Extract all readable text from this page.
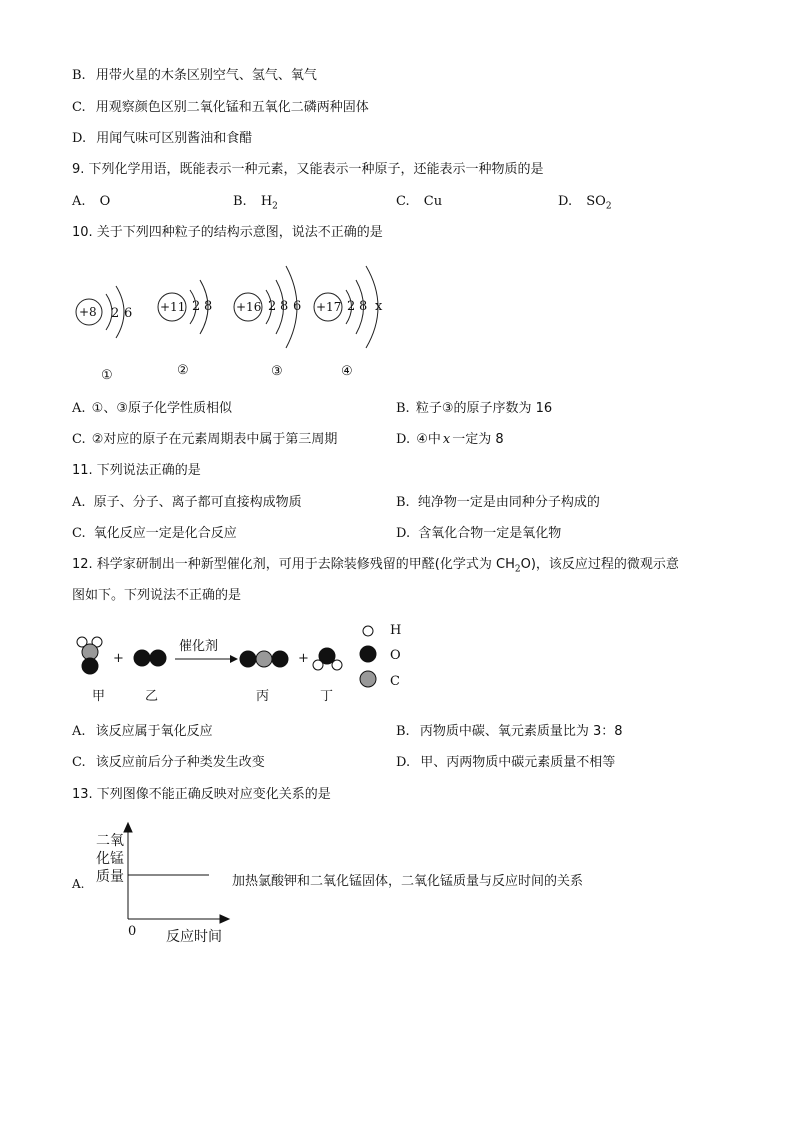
B. 用带火星的木条区别空气、氢气、氧气
C. 用观察颜色区别二氧化锰和五氧化二磷两种固体
D. 用闻气味可区别酱油和食醋
9. 下列化学用语，既能表示一种元素，又能表示一种原子，还能表示一种物质的是
A. O	B. $H_2$	C. Cu	D. $SO_2$
10. 关于下列四种粒子的结构示意图，说法不正确的是
+8 2 6
①
+11 2 8
②
+16 2 8 6
③
+17 2 8 x
④
A. ①、③原子化学性质相似	B. 粒子③的原子序数为 16
C. ②对应的原子在元素周期表中属于第三周期	D. ④中 x 一定为 8
11. 下列说法正确的是
A. 原子、分子、离子都可直接构成物质	B. 纯净物一定是由同种分子构成的
C. 氧化反应一定是化合反应	D. 含氧化合物一定是氧化物
12. 科学家研制出一种新型催化剂，可用于去除装修残留的甲醛(化学式为 $CH_2O$)，该反应过程的微观示意
图如下。下列说法不正确的是
+	+
催化剂
甲	乙	丙	丁
H
O
C
A. 该反应属于氧化反应	B. 丙物质中碳、氧元素质量比为 3：8
C. 该反应前后分子种类发生改变	D. 甲、丙两物质中碳元素质量不相等
13. 下列图像不能正确反映对应变化关系的是
二氧
化锰
质量
A.
0 反应时间
加热氯酸钾和二氧化锰固体，二氧化锰质量与反应时间的关系
